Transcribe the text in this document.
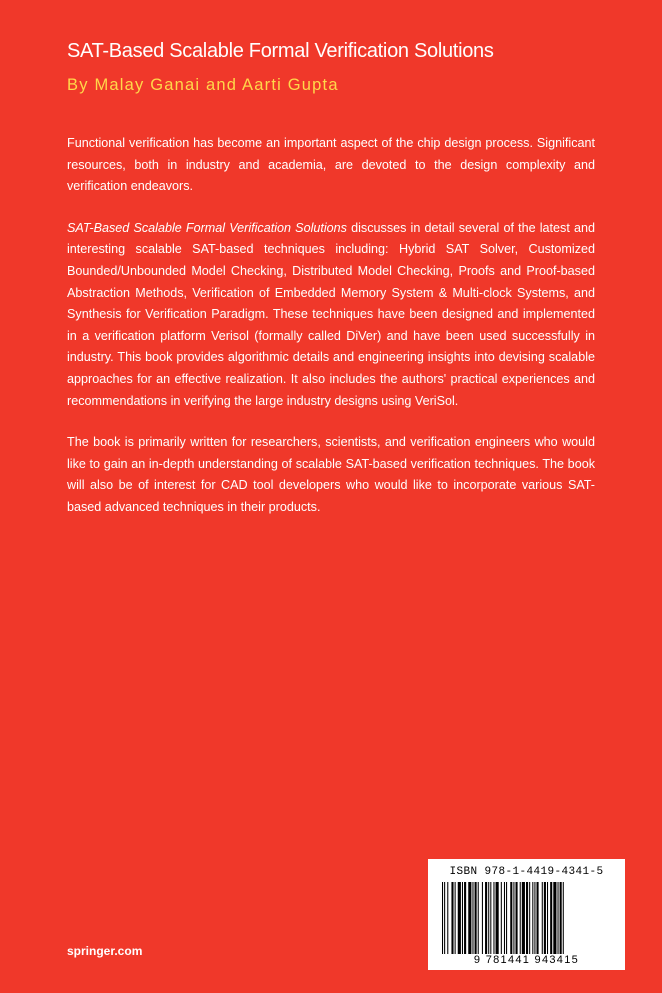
SAT-Based Scalable Formal Verification Solutions
By Malay Ganai and Aarti Gupta

Functional verification has become an important aspect of the chip design process. Significant resources, both in industry and academia, are devoted to the design complexity and verification endeavors.

SAT-Based Scalable Formal Verification Solutions discusses in detail several of the latest and interesting scalable SAT-based techniques including: Hybrid SAT Solver, Customized Bounded/Unbounded Model Checking, Distributed Model Checking, Proofs and Proof-based Abstraction Methods, Verification of Embedded Memory System & Multi-clock Systems, and Synthesis for Verification Paradigm. These techniques have been designed and implemented in a verification platform Verisol (formally called DiVer) and have been used successfully in industry. This book provides algorithmic details and engineering insights into devising scalable approaches for an effective realization. It also includes the authors' practical experiences and recommendations in verifying the large industry designs using VeriSol.

The book is primarily written for researchers, scientists, and verification engineers who would like to gain an in-depth understanding of scalable SAT-based verification techniques. The book will also be of interest for CAD tool developers who would like to incorporate various SAT-based advanced techniques in their products.

springer.com
ISBN 978-1-4419-4341-5
9 781441 943415
